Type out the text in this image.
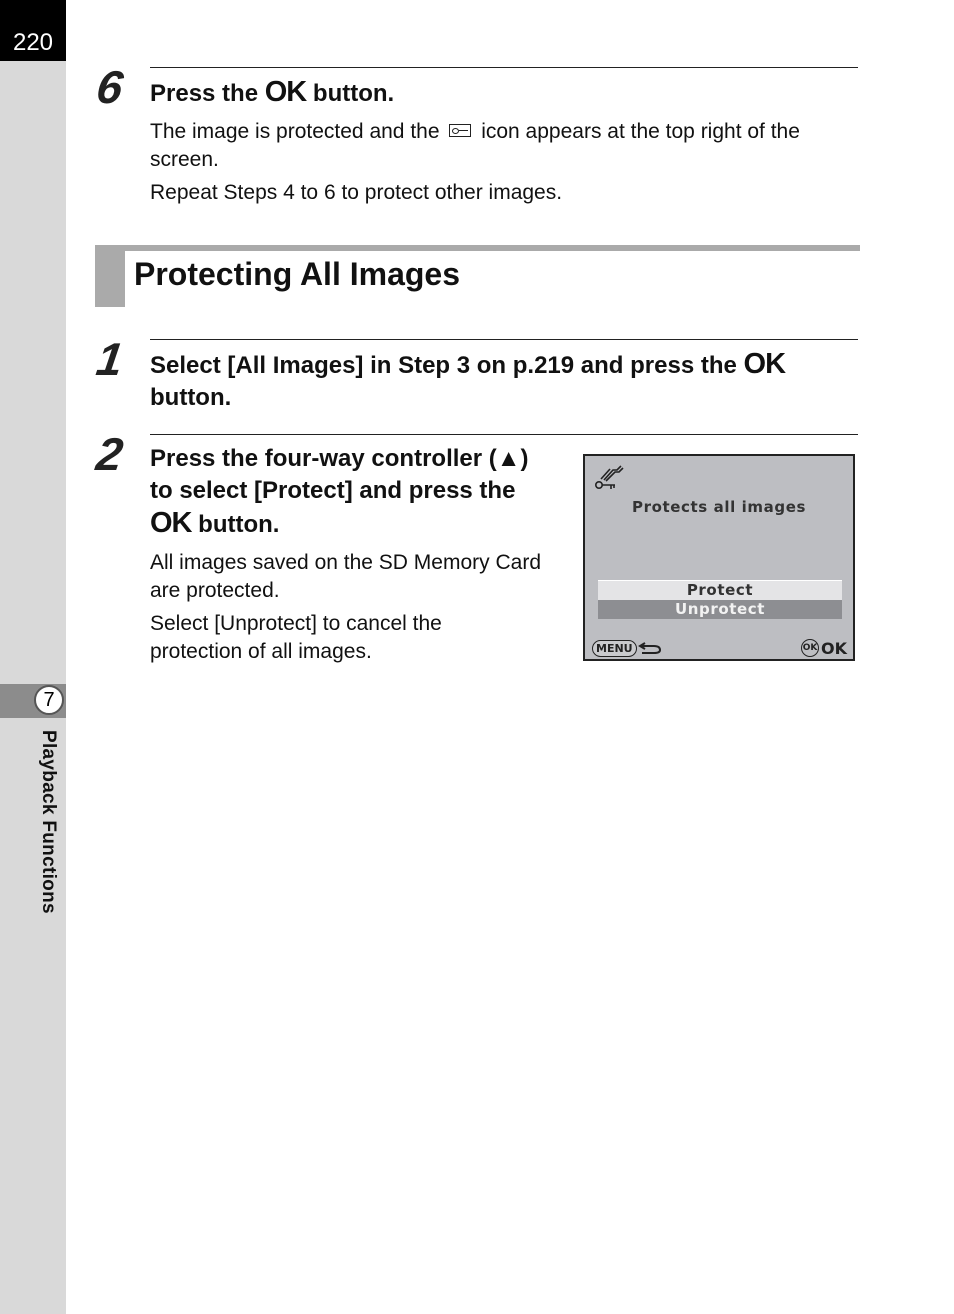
220
7
Playback Functions
6 Press the OK button.
The image is protected and the icon appears at the top right of the screen.
Repeat Steps 4 to 6 to protect other images.
Protecting All Images
1 Select [All Images] in Step 3 on p.219 and press the OK
button.
2 Press the four-way controller (▲)
to select [Protect] and press the
OK button.
All images saved on the SD Memory Card are protected.
Select [Unprotect] to cancel the protection of all images.
Protects all images
Protect
Unprotect
MENU	OK OK
